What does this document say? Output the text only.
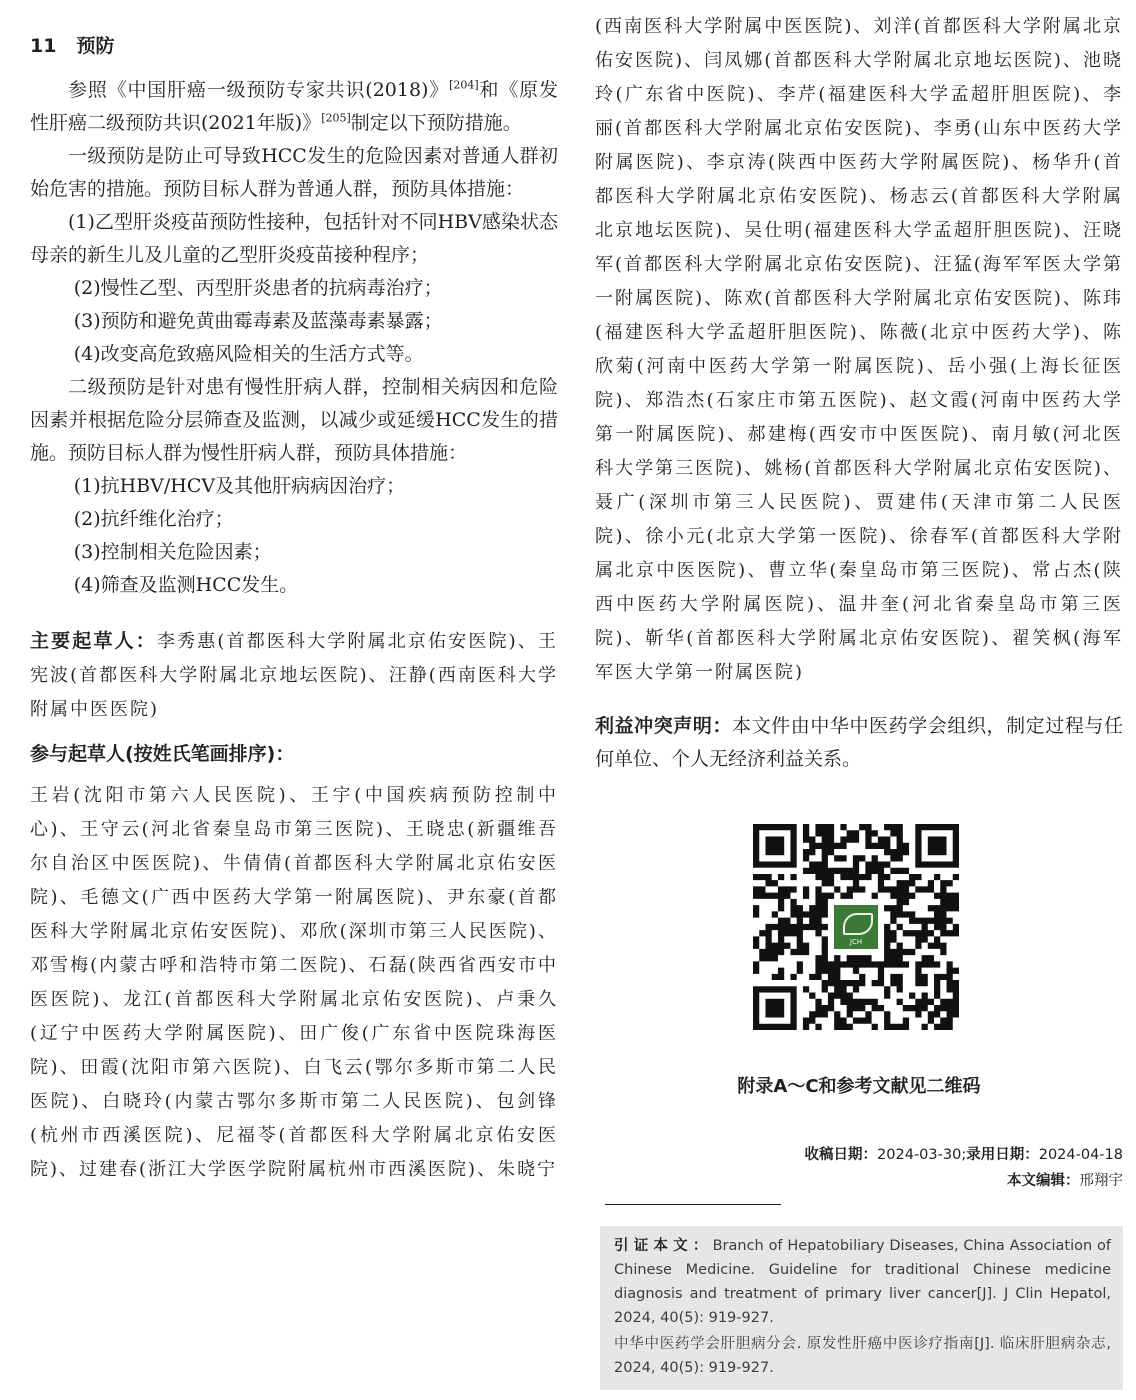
11 预防

参照《中国肝癌一级预防专家共识(2018)》[204]和《原发性肝癌二级预防共识(2021年版)》[205]制定以下预防措施。

一级预防是防止可导致HCC发生的危险因素对普通人群初始危害的措施。预防目标人群为普通人群，预防具体措施：

(1)乙型肝炎疫苗预防性接种，包括针对不同HBV感染状态母亲的新生儿及儿童的乙型肝炎疫苗接种程序；

(2)慢性乙型、丙型肝炎患者的抗病毒治疗；

(3)预防和避免黄曲霉毒素及蓝藻毒素暴露；

(4)改变高危致癌风险相关的生活方式等。

二级预防是针对患有慢性肝病人群，控制相关病因和危险因素并根据危险分层筛查及监测，以减少或延缓HCC发生的措施。预防目标人群为慢性肝病人群，预防具体措施：

(1)抗HBV/HCV及其他肝病病因治疗；

(2)抗纤维化治疗；

(3)控制相关危险因素；

(4)筛查及监测HCC发生。

主要起草人：李秀惠(首都医科大学附属北京佑安医院)、王宪波(首都医科大学附属北京地坛医院)、汪静(西南医科大学附属中医医院)

参与起草人(按姓氏笔画排序)：

王岩(沈阳市第六人民医院)、王宇(中国疾病预防控制中心)、王守云(河北省秦皇岛市第三医院)、王晓忠(新疆维吾尔自治区中医医院)、牛倩倩(首都医科大学附属北京佑安医院)、毛德文(广西中医药大学第一附属医院)、尹东豪(首都医科大学附属北京佑安医院)、邓欣(深圳市第三人民医院)、邓雪梅(内蒙古呼和浩特市第二医院)、石磊(陕西省西安市中医医院)、龙江(首都医科大学附属北京佑安医院)、卢秉久(辽宁中医药大学附属医院)、田广俊(广东省中医院珠海医院)、田霞(沈阳市第六医院)、白飞云(鄂尔多斯市第二人民医院)、白晓玲(内蒙古鄂尔多斯市第二人民医院)、包剑锋(杭州市西溪医院)、尼福苓(首都医科大学附属北京佑安医院)、过建春(浙江大学医学院附属杭州市西溪医院)、朱晓宁

(西南医科大学附属中医医院)、刘洋(首都医科大学附属北京佑安医院)、闫凤娜(首都医科大学附属北京地坛医院)、池晓玲(广东省中医院)、李芹(福建医科大学孟超肝胆医院)、李丽(首都医科大学附属北京佑安医院)、李勇(山东中医药大学附属医院)、李京涛(陕西中医药大学附属医院)、杨华升(首都医科大学附属北京佑安医院)、杨志云(首都医科大学附属北京地坛医院)、吴仕明(福建医科大学孟超肝胆医院)、汪晓军(首都医科大学附属北京佑安医院)、汪猛(海军军医大学第一附属医院)、陈欢(首都医科大学附属北京佑安医院)、陈玮(福建医科大学孟超肝胆医院)、陈薇(北京中医药大学)、陈欣菊(河南中医药大学第一附属医院)、岳小强(上海长征医院)、郑浩杰(石家庄市第五医院)、赵文霞(河南中医药大学第一附属医院)、郝建梅(西安市中医医院)、南月敏(河北医科大学第三医院)、姚杨(首都医科大学附属北京佑安医院)、聂广(深圳市第三人民医院)、贾建伟(天津市第二人民医院)、徐小元(北京大学第一医院)、徐春军(首都医科大学附属北京中医医院)、曹立华(秦皇岛市第三医院)、常占杰(陕西中医药大学附属医院)、温井奎(河北省秦皇岛市第三医院)、靳华(首都医科大学附属北京佑安医院)、翟笑枫(海军军医大学第一附属医院)

利益冲突声明：本文件由中华中医药学会组织，制定过程与任何单位、个人无经济利益关系。

JCH
附录A～C和参考文献见二维码
收稿日期：2024-03-30;录用日期：2024-04-18
本文编辑：邢翔宇
引证本文：Branch of Hepatobiliary Diseases, China Association of Chinese Medicine. Guideline for traditional Chinese medicine diagnosis and treatment of primary liver cancer[J]. J Clin Hepatol, 2024, 40(5): 919-927.
中华中医药学会肝胆病分会. 原发性肝癌中医诊疗指南[J]. 临床肝胆病杂志, 2024, 40(5): 919-927.
